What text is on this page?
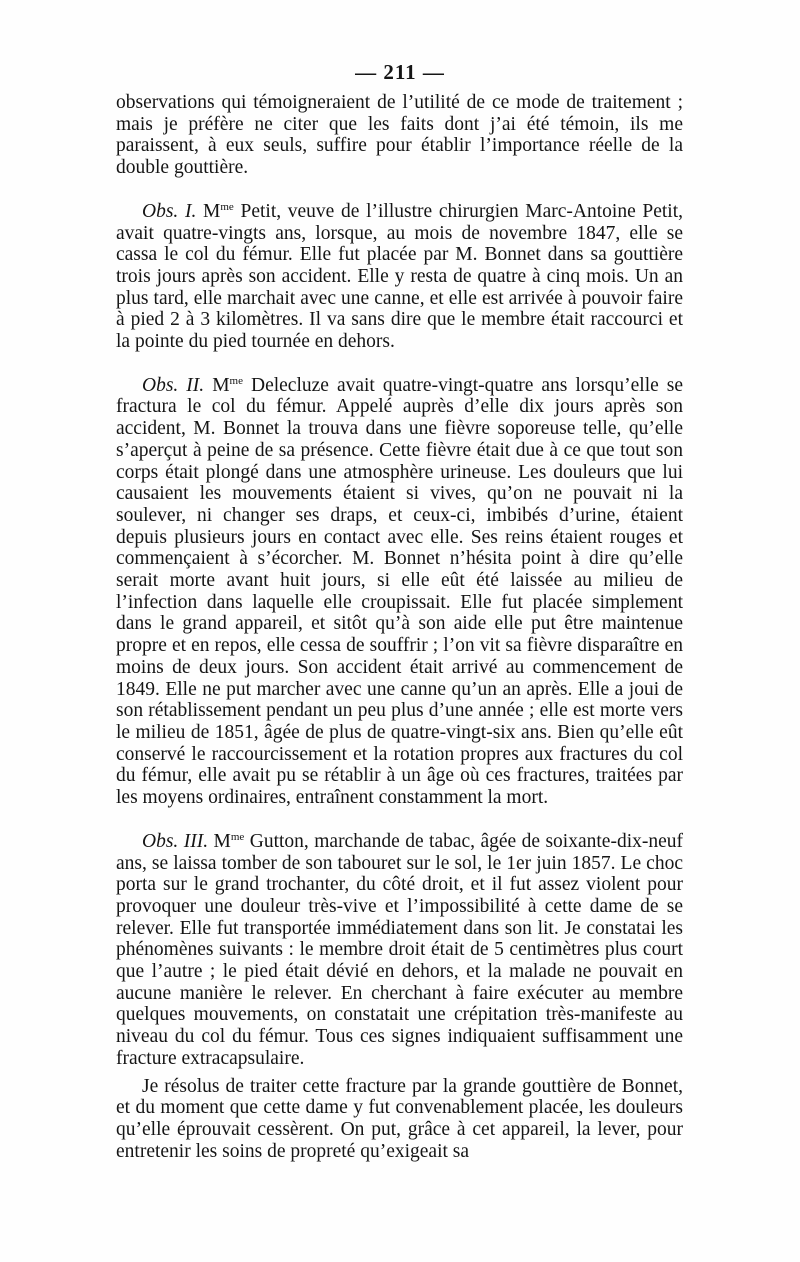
— 211 —

observations qui témoigneraient de l’utilité de ce mode de traitement ; mais je préfère ne citer que les faits dont j’ai été témoin, ils me paraissent, à eux seuls, suffire pour établir l’importance réelle de la double gouttière.

Obs. I. $M^{me}$ Petit, veuve de l’illustre chirurgien Marc-Antoine Petit, avait quatre-vingts ans, lorsque, au mois de novembre 1847, elle se cassa le col du fémur. Elle fut placée par M. Bonnet dans sa gouttière trois jours après son accident. Elle y resta de quatre à cinq mois. Un an plus tard, elle marchait avec une canne, et elle est arrivée à pouvoir faire à pied 2 à 3 kilomètres. Il va sans dire que le membre était raccourci et la pointe du pied tournée en dehors.

Obs. II. $M^{me}$ Delecluze avait quatre-vingt-quatre ans lorsqu’elle se fractura le col du fémur. Appelé auprès d’elle dix jours après son accident, M. Bonnet la trouva dans une fièvre soporeuse telle, qu’elle s’aperçut à peine de sa présence. Cette fièvre était due à ce que tout son corps était plongé dans une atmosphère urineuse. Les douleurs que lui causaient les mouvements étaient si vives, qu’on ne pouvait ni la soulever, ni changer ses draps, et ceux-ci, imbibés d’urine, étaient depuis plusieurs jours en contact avec elle. Ses reins étaient rouges et commençaient à s’écorcher. M. Bonnet n’hésita point à dire qu’elle serait morte avant huit jours, si elle eût été laissée au milieu de l’infection dans laquelle elle croupissait. Elle fut placée simplement dans le grand appareil, et sitôt qu’à son aide elle put être maintenue propre et en repos, elle cessa de souffrir ; l’on vit sa fièvre disparaître en moins de deux jours. Son accident était arrivé au commencement de 1849. Elle ne put marcher avec une canne qu’un an après. Elle a joui de son rétablissement pendant un peu plus d’une année ; elle est morte vers le milieu de 1851, âgée de plus de quatre-vingt-six ans. Bien qu’elle eût conservé le raccourcissement et la rotation propres aux fractures du col du fémur, elle avait pu se rétablir à un âge où ces fractures, traitées par les moyens ordinaires, entraînent constamment la mort.

Obs. III. $M^{me}$ Gutton, marchande de tabac, âgée de soixante-dix-neuf ans, se laissa tomber de son tabouret sur le sol, le 1er juin 1857. Le choc porta sur le grand trochanter, du côté droit, et il fut assez violent pour provoquer une douleur très-vive et l’impossibilité à cette dame de se relever. Elle fut transportée immédiatement dans son lit. Je constatai les phénomènes suivants : le membre droit était de 5 centimètres plus court que l’autre ; le pied était dévié en dehors, et la malade ne pouvait en aucune manière le relever. En cherchant à faire exécuter au membre quelques mouvements, on constatait une crépitation très-manifeste au niveau du col du fémur. Tous ces signes indiquaient suffisamment une fracture extracapsulaire.

Je résolus de traiter cette fracture par la grande gouttière de Bonnet, et du moment que cette dame y fut convenablement placée, les douleurs qu’elle éprouvait cessèrent. On put, grâce à cet appareil, la lever, pour entretenir les soins de propreté qu’exigeait sa
